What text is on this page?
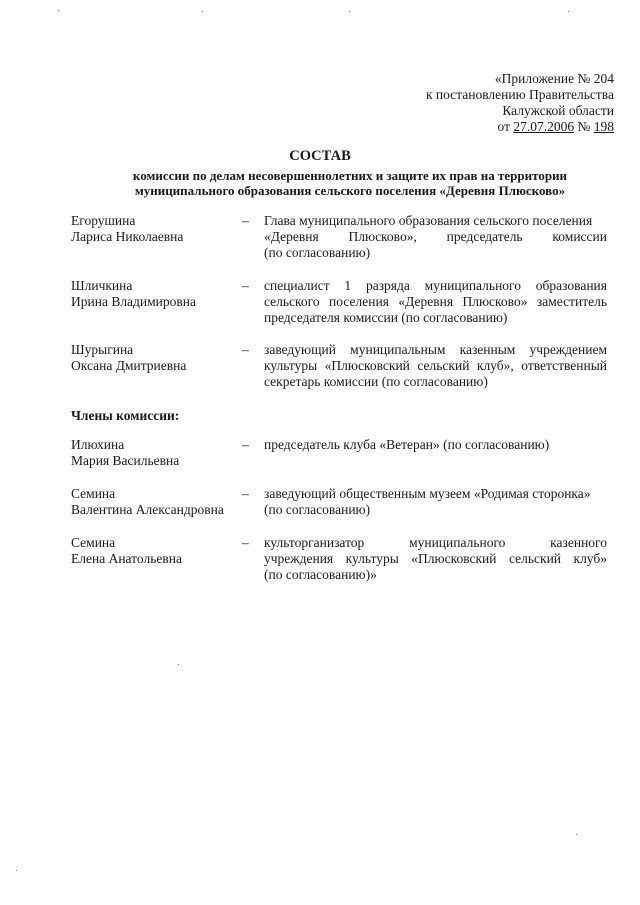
«Приложение № 204
к постановлению Правительства
Калужской области
от 27.07.2006 № 198
СОСТАВ
комиссии по делам несовершеннолетних и защите их прав на территории
муниципального образования сельского поселения «Деревня Плюсково»
Егорушина
Лариса Николаевна
– Глава муниципального образования сельского поселения
«Деревня Плюсково», председатель комиссии
(по согласованию)
Шличкина
Ирина Владимировна
– специалист 1 разряда муниципального образования
сельского поселения «Деревня Плюсково» заместитель
председателя комиссии (по согласованию)
Шурыгина
Оксана Дмитриевна
– заведующий муниципальным казенным учреждением
культуры «Плюсковский сельский клуб», ответственный
секретарь комиссии (по согласованию)
Члены комиссии:
Илюхина
Мария Васильевна
– председатель клуба «Ветеран» (по согласованию)
Семина
Валентина Александровна
– заведующий общественным музеем «Родимая сторонка»
(по согласованию)
Семина
Елена Анатольевна
– культорганизатор муниципального казенного
учреждения культуры «Плюсковский сельский клуб»
(по согласованию)»
